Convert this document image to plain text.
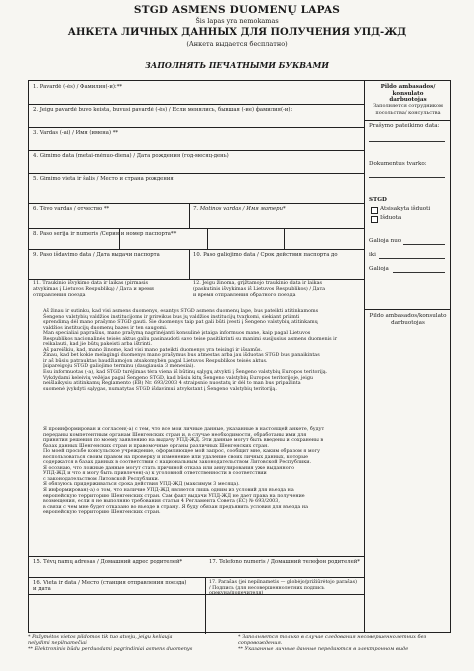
STGD ASMENS DUOMENŲ LAPAS
Šis lapas yra nemokamas
АНКЕТА ЛИЧНЫХ ДАННЫХ ДЛЯ ПОЛУЧЕНИЯ УПД-ЖД
(Анкета выдается бесплатно)
ЗАПОЛНЯТЬ ПЕЧАТНЫМИ БУКВАМИ
1. Pavardė (-ės) / Фамилия(-и):**
2. Jeigu pavardė buvo keista, buvusi pavardė (-ės) / Если менялись, бывшая (-ие) фамилия(-и):
3. Vardas (-ai) / Имя (имена) **
4. Gimimo data (metai-mėnuo-diena) / Дата рождения (год-месяц-день)
5. Gimimo vieta ir šalis / Место и страна рождения
6. Tėvo vardas / отчество **	7. Motinos vardas / Имя матери*
8. Paso serija ir numeris /Серия и номер паспорта**
9. Paso išdavimo data / Дата выдачи паспорта	10. Paso galiojimo data / Срок действия паспорта до
11. Traukinio išvykimo data ir laikas (pirmasis
atvykimas į Lietuvos Respubliką) / Дата и время
отправления поезда
12. Jeigu žinoma, grįžtamojo traukinio data ir laikas
(paskutinis išvykimas iš Lietuvos Respublikos) / Дата
и время отправления обратного поезда
Aš žinau ir sutinku, kad visi asmens duomenys, esantys STGD asmens duomenų lape, bus pateikti atitinkamoms
Šengeno valstybių valdžios institucijoms ir prireikus bus jų valdžios institucijų tvarkomi, siekiant priimti
sprendimą dėl mano prašymo STGD gauti. Šie duomenys taip pat gali būti įvesti į Šengeno valstybių atitinkamų
valdžios institucijų duomenų bazes ir ten saugomi.
Man specialiai paprašius, mano prašymą nagrinėjanti konsulinė įstaiga informuos mane, kaip pagal Lietuvos
Respublikos nacionalinės teisės aktus galiu pasinaudoti savo teise pasitikrinti su manimi susijusius asmens duomenis ir
reikalauti, kad jie būtų pakeisti arba ištrinti.
Aš pareiškiu, kad, mano žinome, kad visi mano pateikti duomenys yra teisingi ir išsamūs.
Žinau, kad bet kokie melagingi duomenys mano prašymus bus atmestas arba jau išduotas STGD bus panaikintas
ir aš būsiu patrauktas baudžiamojon atsakomybėn pagal Lietuvos Respublikos teisės aktus.
Įsipareigoju STGD galiojimo terminu (daugiausia 3 mėnesiai).
Esu informuotas (-a), kad STGD turėjimas tėra viena iš būtinų sąlygų atvykti į Šengeno valstybių Europos teritoriją.
Vykdydami keleivių vežėjas pagal Šengeno STGD, kad būsiu kitų Šengeno valstybių Europos teritorijoje, jeigu
neišlaikysiu atitinkamų Reglamento (EB) Nr. 693/2003 4 straipsnio nuostatų ir dėl to man bus pripažinta
suomenė įvykdyti sąlygas, numatytas STGD išdavimui atvykstant į Šengeno valstybių teritoriją.
Я проинформирован и согласен(-а) с тем, что все мои личные данные, указанные в настоящей анкете, будут
переданы компетентным органам Шенгенских стран и, в случае необходимости, обработаны ими для
принятия решения по моему заявлению на выдачу УПД-ЖД. Эти данные могут быть введены и сохранены в
базах данных Шенгенских стран и правомочные органы различных Шенгенских стран.
По моей просьбе консульское учреждение, оформляющее мой запрос, сообщит мне, каким образом я могу
воспользоваться своим правом на проверку и изменение или удаление своих личных данных, которые
содержатся в базах данных в соответствии с национальным законодательством Литовской Республики.
Я осознаю, что ложные данные могут стать причиной отказа или аннулирования уже выданного
УПД-ЖД и что я могу быть привлечен(-а) к уголовной ответственности в соответствии
с законодательством Литовской Республики.
Я обязуюсь придерживаться срока действия УПД-ЖД (максимум 3 месяца).
Я информирован(-а) о том, что наличие УПД-ЖД является лишь одним из условий для въезда на
европейскую территорию Шенгенских стран. Сам факт выдачи УПД-ЖД не дает права на получение
возмещения, если я не выполняю требования статьи 4 Регламента Совета (ЕС) № 693/2003,
в связи с чем мне будет отказано во въезде в страну. Я буду обязан предъявить условия для въезда на
европейскую территорию Шенгенских стран.
15. Tėvų namų adresas / Домашний адрес родителей*	17. Telefono numeris / Домашний телефон родителей*
16. Vieta ir data / Место (станция отправления поезда)
и дата
17. Parašas (jei nepilnametis — globėjo/prižiūrėtojo parašas)
/ Подпись (для несовершеннолетних подпись
опекуна/попечителя)
Pildo ambasados/ konsulato
darbuotojas
Заполняется сотрудником
посольства/ консульства
Prašymo pateikimo data:
Dokumentus tvarko:
STGD
Atsisakyta išduoti
Išduota
Galioja nuo
iki
Galioja
Pildo ambasados/konsulato
darbuotojas
* Pažymėtos vietos pildomos tik tuo atveju, jeigu keliauja
nelydimi nepilnamečiai
** Elektroninis būdu perduodami pagrindiniai asmens duomenys
* Заполняется только в случае следования несовершеннолетних без
сопровождения.
** Указанные личные данные передаются в электронном виде
